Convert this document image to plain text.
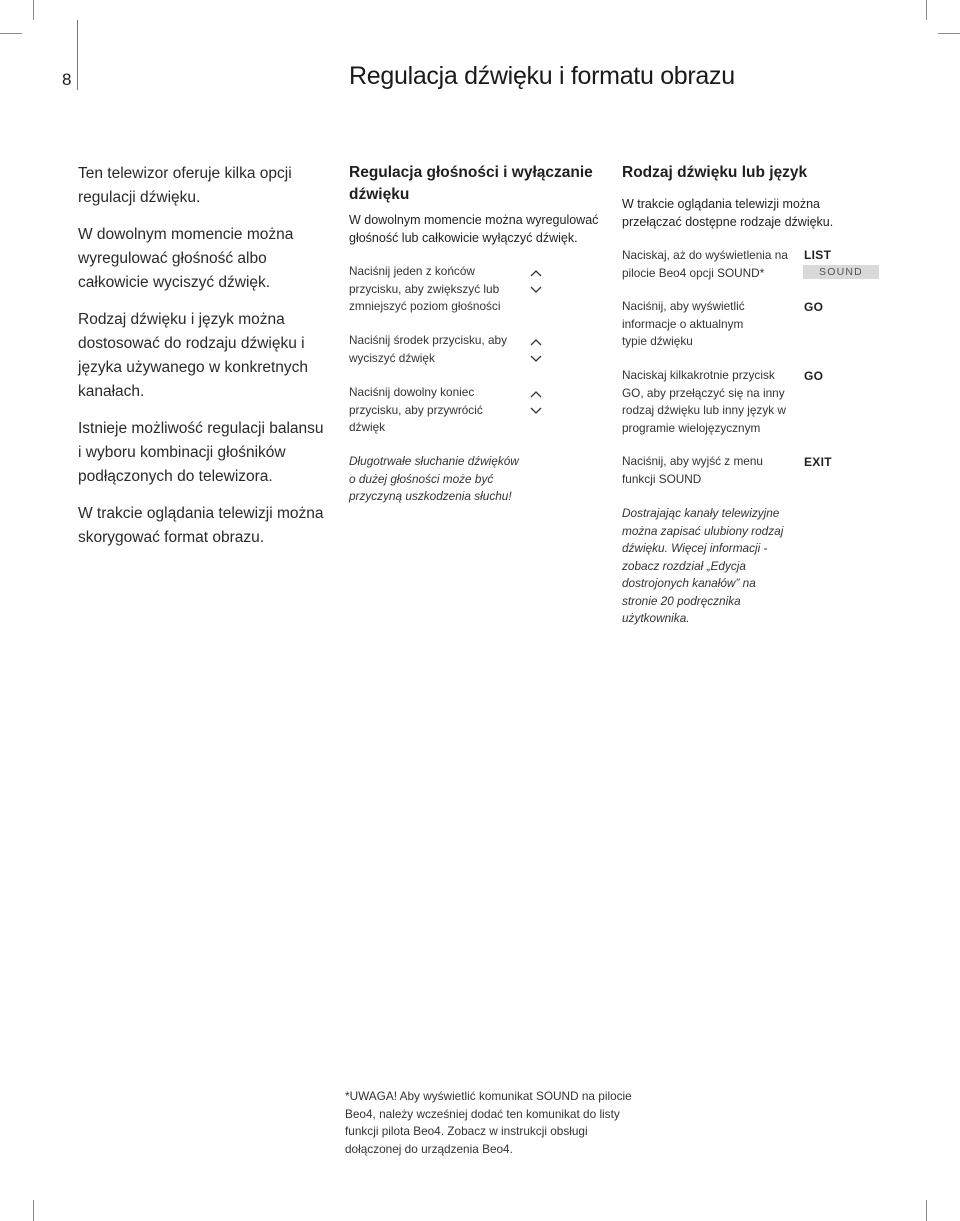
8	Regulacja dźwięku i formatu obrazu

Ten telewizor oferuje kilka opcji regulacji dźwięku.

W dowolnym momencie można wyregulować głośność albo całkowicie wyciszyć dźwięk.

Rodzaj dźwięku i język można dostosować do rodzaju dźwięku i języka używanego w konkretnych kanałach.

Istnieje możliwość regulacji balansu i wyboru kombinacji głośników podłączonych do telewizora.

W trakcie oglądania telewizji można skorygować format obrazu.

Regulacja głośności i wyłączanie dźwięku

W dowolnym momencie można wyregulować głośność lub całkowicie wyłączyć dźwięk.

Naciśnij jeden z końców przycisku, aby zwiększyć lub zmniejszyć poziom głośności

Naciśnij środek przycisku, aby wyciszyć dźwięk

Naciśnij dowolny koniec przycisku, aby przywrócić dźwięk

Długotrwałe słuchanie dźwięków o dużej głośności może być przyczyną uszkodzenia słuchu!

Rodzaj dźwięku lub język

W trakcie oglądania telewizji można przełączać dostępne rodzaje dźwięku.

Naciskaj, aż do wyświetlenia na pilocie Beo4 opcji SOUND*

Naciśnij, aby wyświetlić informacje o aktualnym typie dźwięku

Naciskaj kilkakrotnie przycisk GO, aby przełączyć się na inny rodzaj dźwięku lub inny język w programie wielojęzycznym

Naciśnij, aby wyjść z menu funkcji SOUND

LIST
SOUND
GO
GO
EXIT

Dostrajając kanały telewizyjne można zapisać ulubiony rodzaj dźwięku. Więcej informacji - zobacz rozdział „Edycja dostrojonych kanałów” na stronie 20 podręcznika użytkownika.

*UWAGA! Aby wyświetlić komunikat SOUND na pilocie Beo4, należy wcześniej dodać ten komunikat do listy funkcji pilota Beo4. Zobacz w instrukcji obsługi dołączonej do urządzenia Beo4.
